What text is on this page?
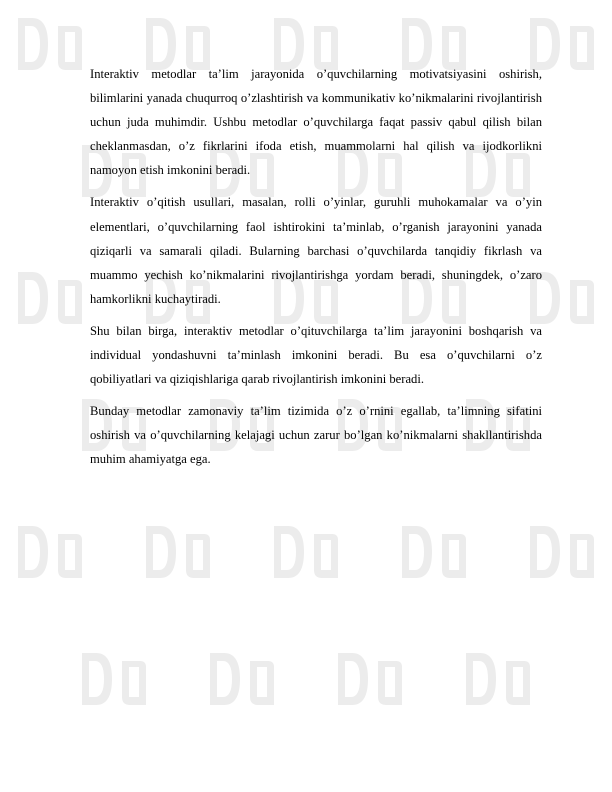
Interaktiv metodlar ta’lim jarayonida o’quvchilarning motivatsiyasini oshirish, bilimlarini yanada chuqurroq o’zlashtirish va kommunikativ ko’nikmalarini rivojlantirish uchun juda muhimdir. Ushbu metodlar o’quvchilarga faqat passiv qabul qilish bilan cheklanmasdan, o’z fikrlarini ifoda etish, muammolarni hal qilish va ijodkorlikni namoyon etish imkonini beradi.

Interaktiv o’qitish usullari, masalan, rolli o’yinlar, guruhli muhokamalar va o’yin elementlari, o’quvchilarning faol ishtirokini ta’minlab, o’rganish jarayonini yanada qiziqarli va samarali qiladi. Bularning barchasi o’quvchilarda tanqidiy fikrlash va muammo yechish ko’nikmalarini rivojlantirishga yordam beradi, shuningdek, o’zaro hamkorlikni kuchaytiradi.

Shu bilan birga, interaktiv metodlar o’qituvchilarga ta’lim jarayonini boshqarish va individual yondashuvni ta’minlash imkonini beradi. Bu esa o’quvchilarni o’z qobiliyatlari va qiziqishlariga qarab rivojlantirish imkonini beradi.

Bunday metodlar zamonaviy ta’lim tizimida o’z o’rnini egallab, ta’limning sifatini oshirish va o’quvchilarning kelajagi uchun zarur bo’lgan ko’nikmalarni shakllantirishda muhim ahamiyatga ega.
